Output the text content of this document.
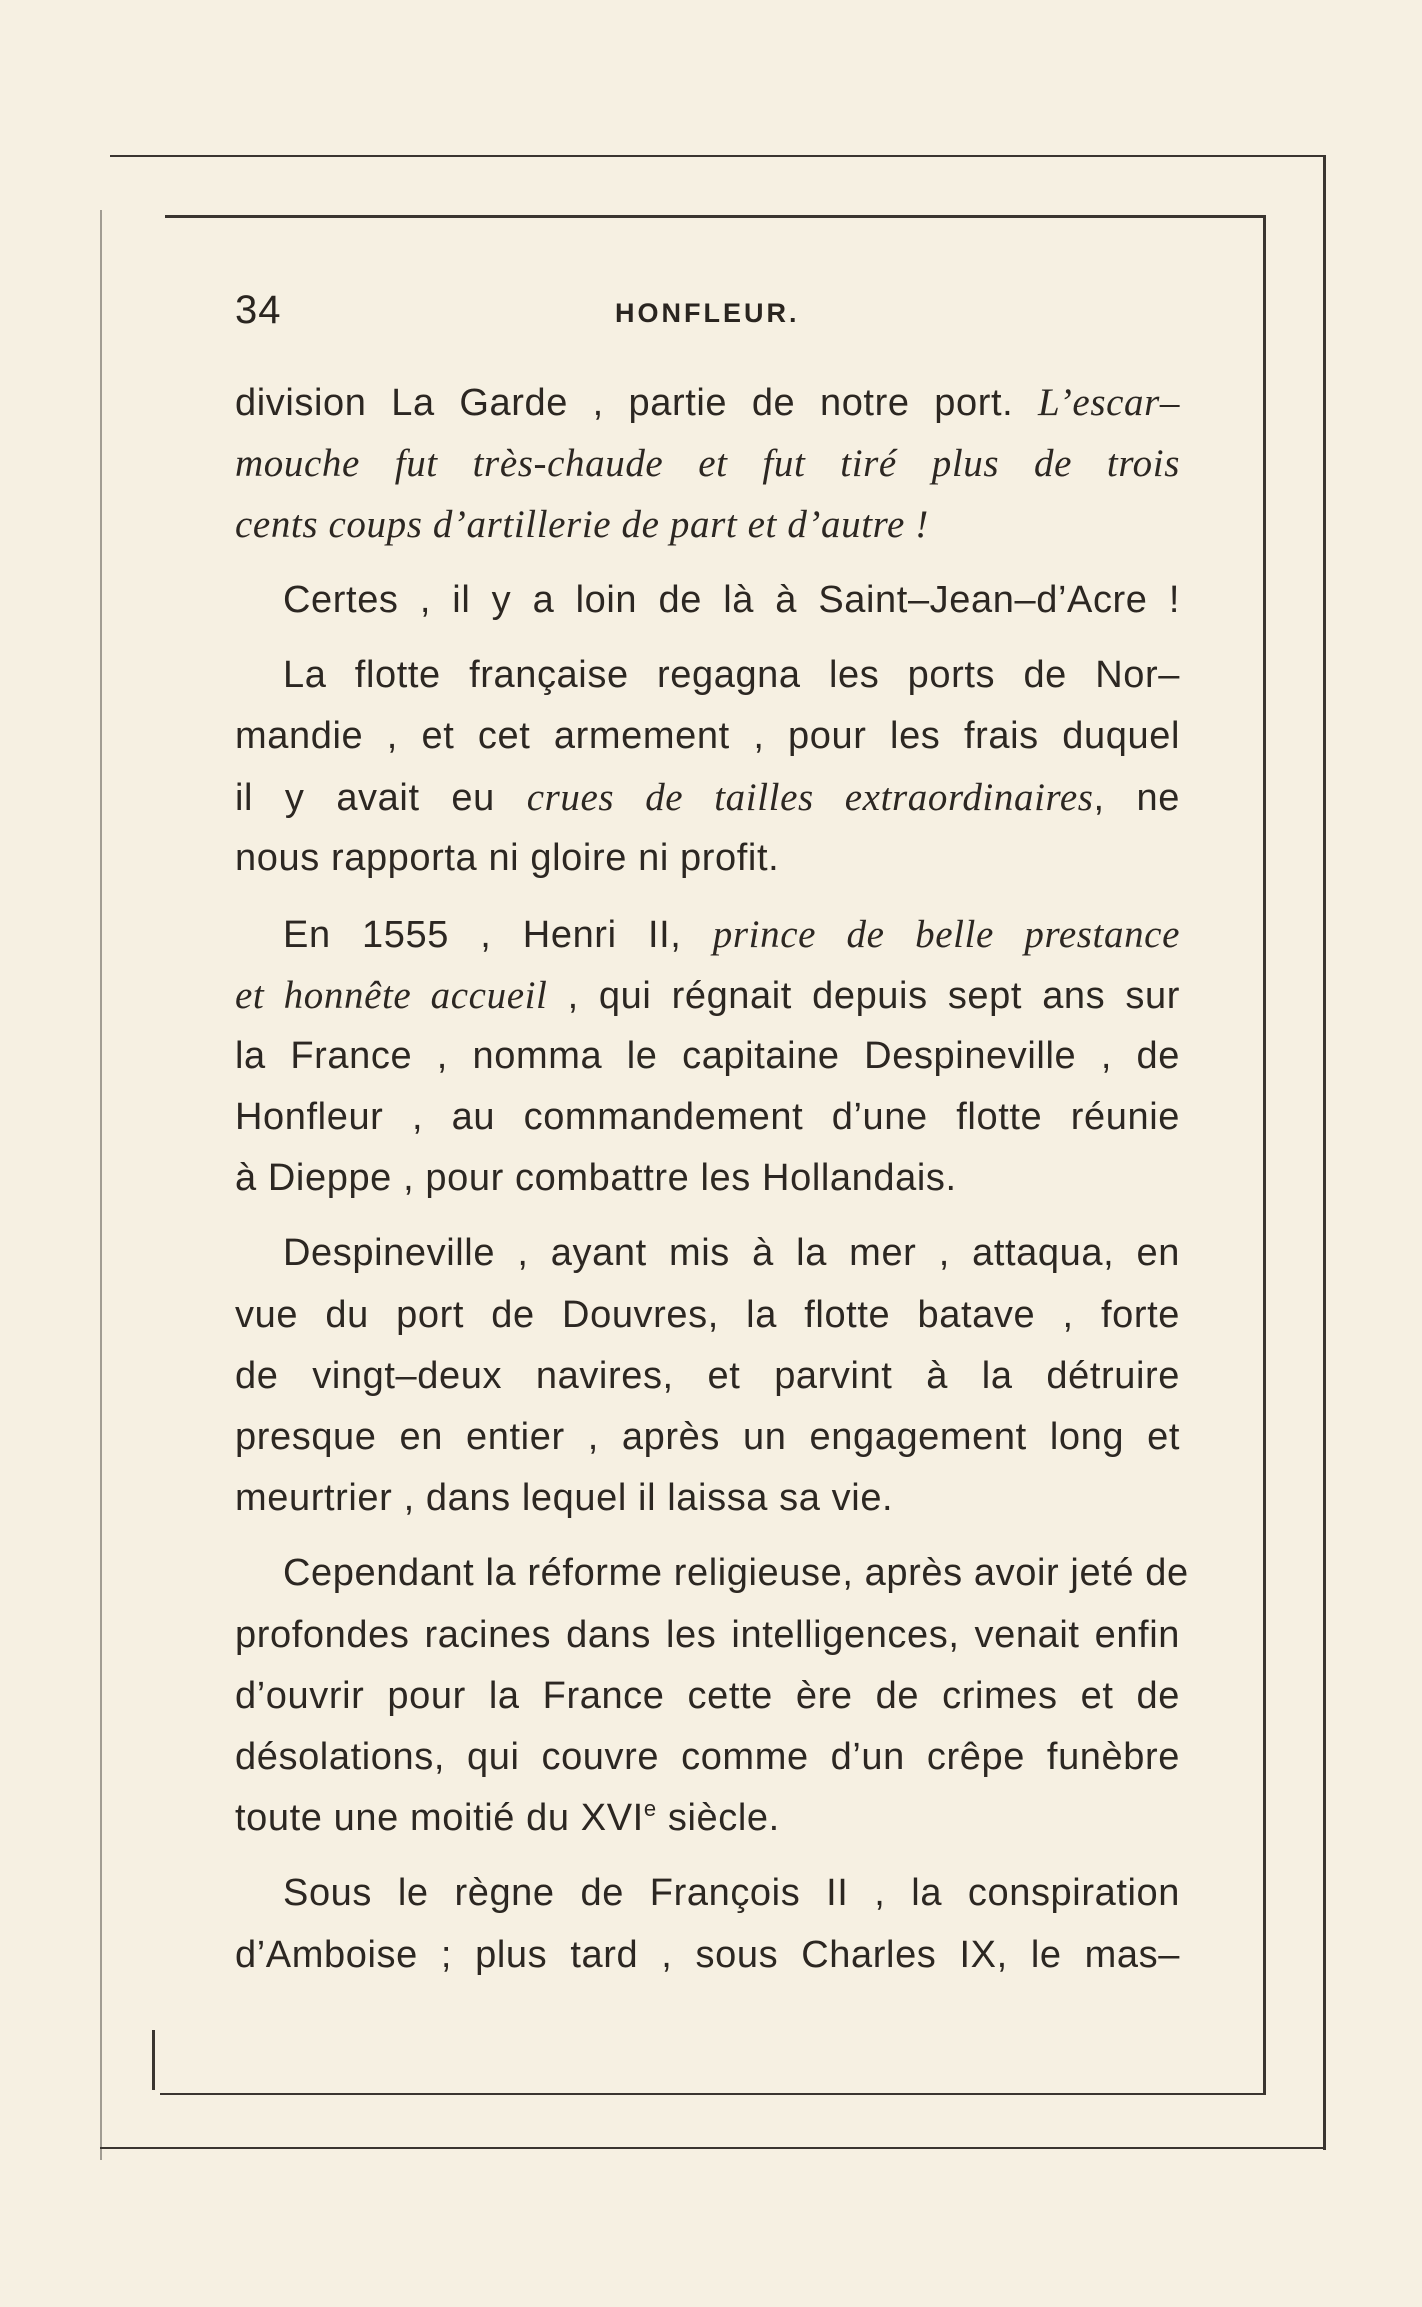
34	HONFLEUR.
division La Garde , partie de notre port. L’escar–
mouche fut très-chaude et fut tiré plus de trois
cents coups d’artillerie de part et d’autre !
Certes , il y a loin de là à Saint–Jean–d’Acre !
La flotte française regagna les ports de Nor–
mandie , et cet armement , pour les frais duquel
il y avait eu crues de tailles extraordinaires, ne
nous rapporta ni gloire ni profit.
En 1555 , Henri II, prince de belle prestance
et honnête accueil , qui régnait depuis sept ans sur
la France , nomma le capitaine Despineville , de
Honfleur , au commandement d’une flotte réunie
à Dieppe , pour combattre les Hollandais.
Despineville , ayant mis à la mer , attaqua, en
vue du port de Douvres, la flotte batave , forte
de vingt–deux navires, et parvint à la détruire
presque en entier , après un engagement long et
meurtrier , dans lequel il laissa sa vie.
Cependant la réforme religieuse, après avoir jeté de
profondes racines dans les intelligences, venait enfin
d’ouvrir pour la France cette ère de crimes et de
désolations, qui couvre comme d’un crêpe funèbre
toute une moitié du XVIe siècle.
Sous le règne de François II , la conspiration
d’Amboise ; plus tard , sous Charles IX, le mas–
